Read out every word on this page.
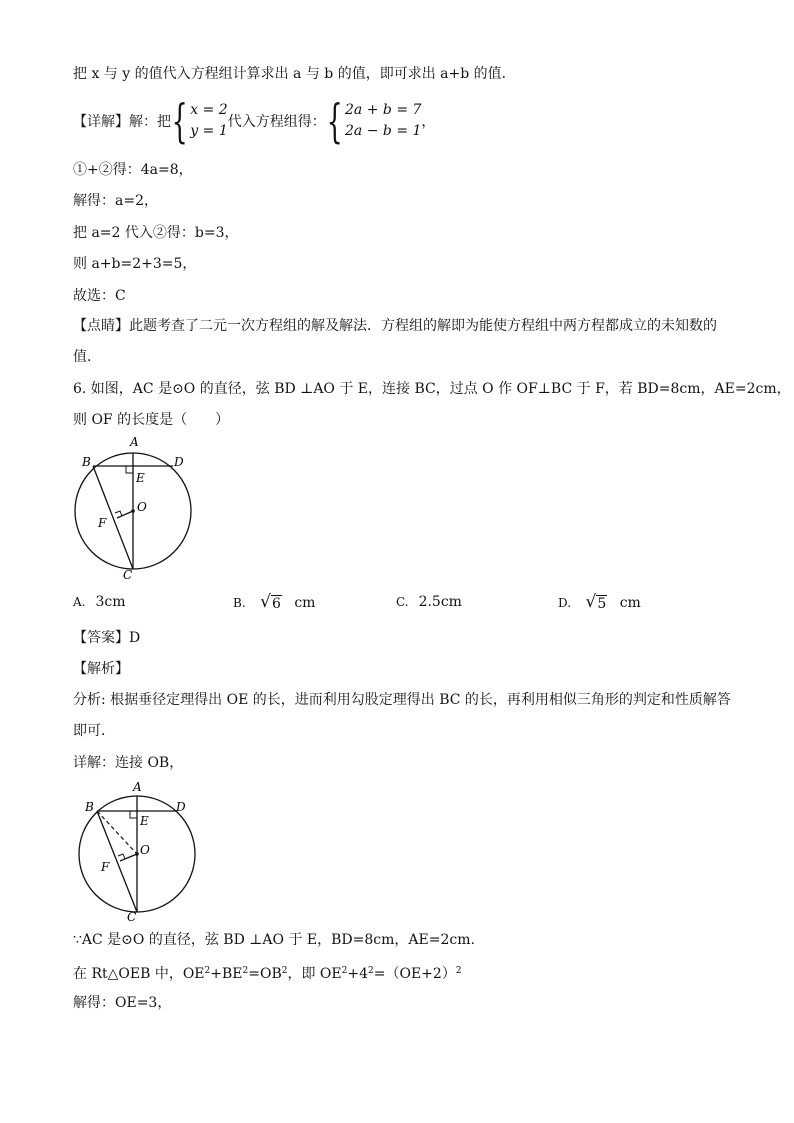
把 x 与 y 的值代入方程组计算求出 a 与 b 的值，即可求出 a+b 的值．
【详解】解：把 { x = 2
y = 1
代入方程组得： { 2a + b = 7
2a − b = 1
，
①+②得：4a=8，
解得：a=2，
把 a=2 代入②得：b=3，
则 a+b=2+3=5，
故选：C
【点睛】此题考查了二元一次方程组的解及解法．方程组的解即为能使方程组中两方程都成立的未知数的
值．
6. 如图，AC 是⊙O 的直径，弦 BD ⊥AO 于 E，连接 BC，过点 O 作 OF⊥BC 于 F，若 BD=8cm，AE=2cm，
则 OF 的长度是（　　）
A
B	D
E
O
F
C
A. 3cm	B. √ 6 cm	C. 2.5cm	D. √ 5 cm
【答案】D
【解析】
分析: 根据垂径定理得出 OE 的长，进而利用勾股定理得出 BC 的长，再利用相似三角形的判定和性质解答
即可．
详解：连接 OB，
A
B	D
E
O
F
C
∵AC 是⊙O 的直径，弦 BD ⊥AO 于 E，BD=8cm，AE=2cm.
在 Rt△OEB 中，$OE^2+BE^2=OB^2$，即 $OE^2+4^2=(OE+2)^2$
解得：OE=3，
